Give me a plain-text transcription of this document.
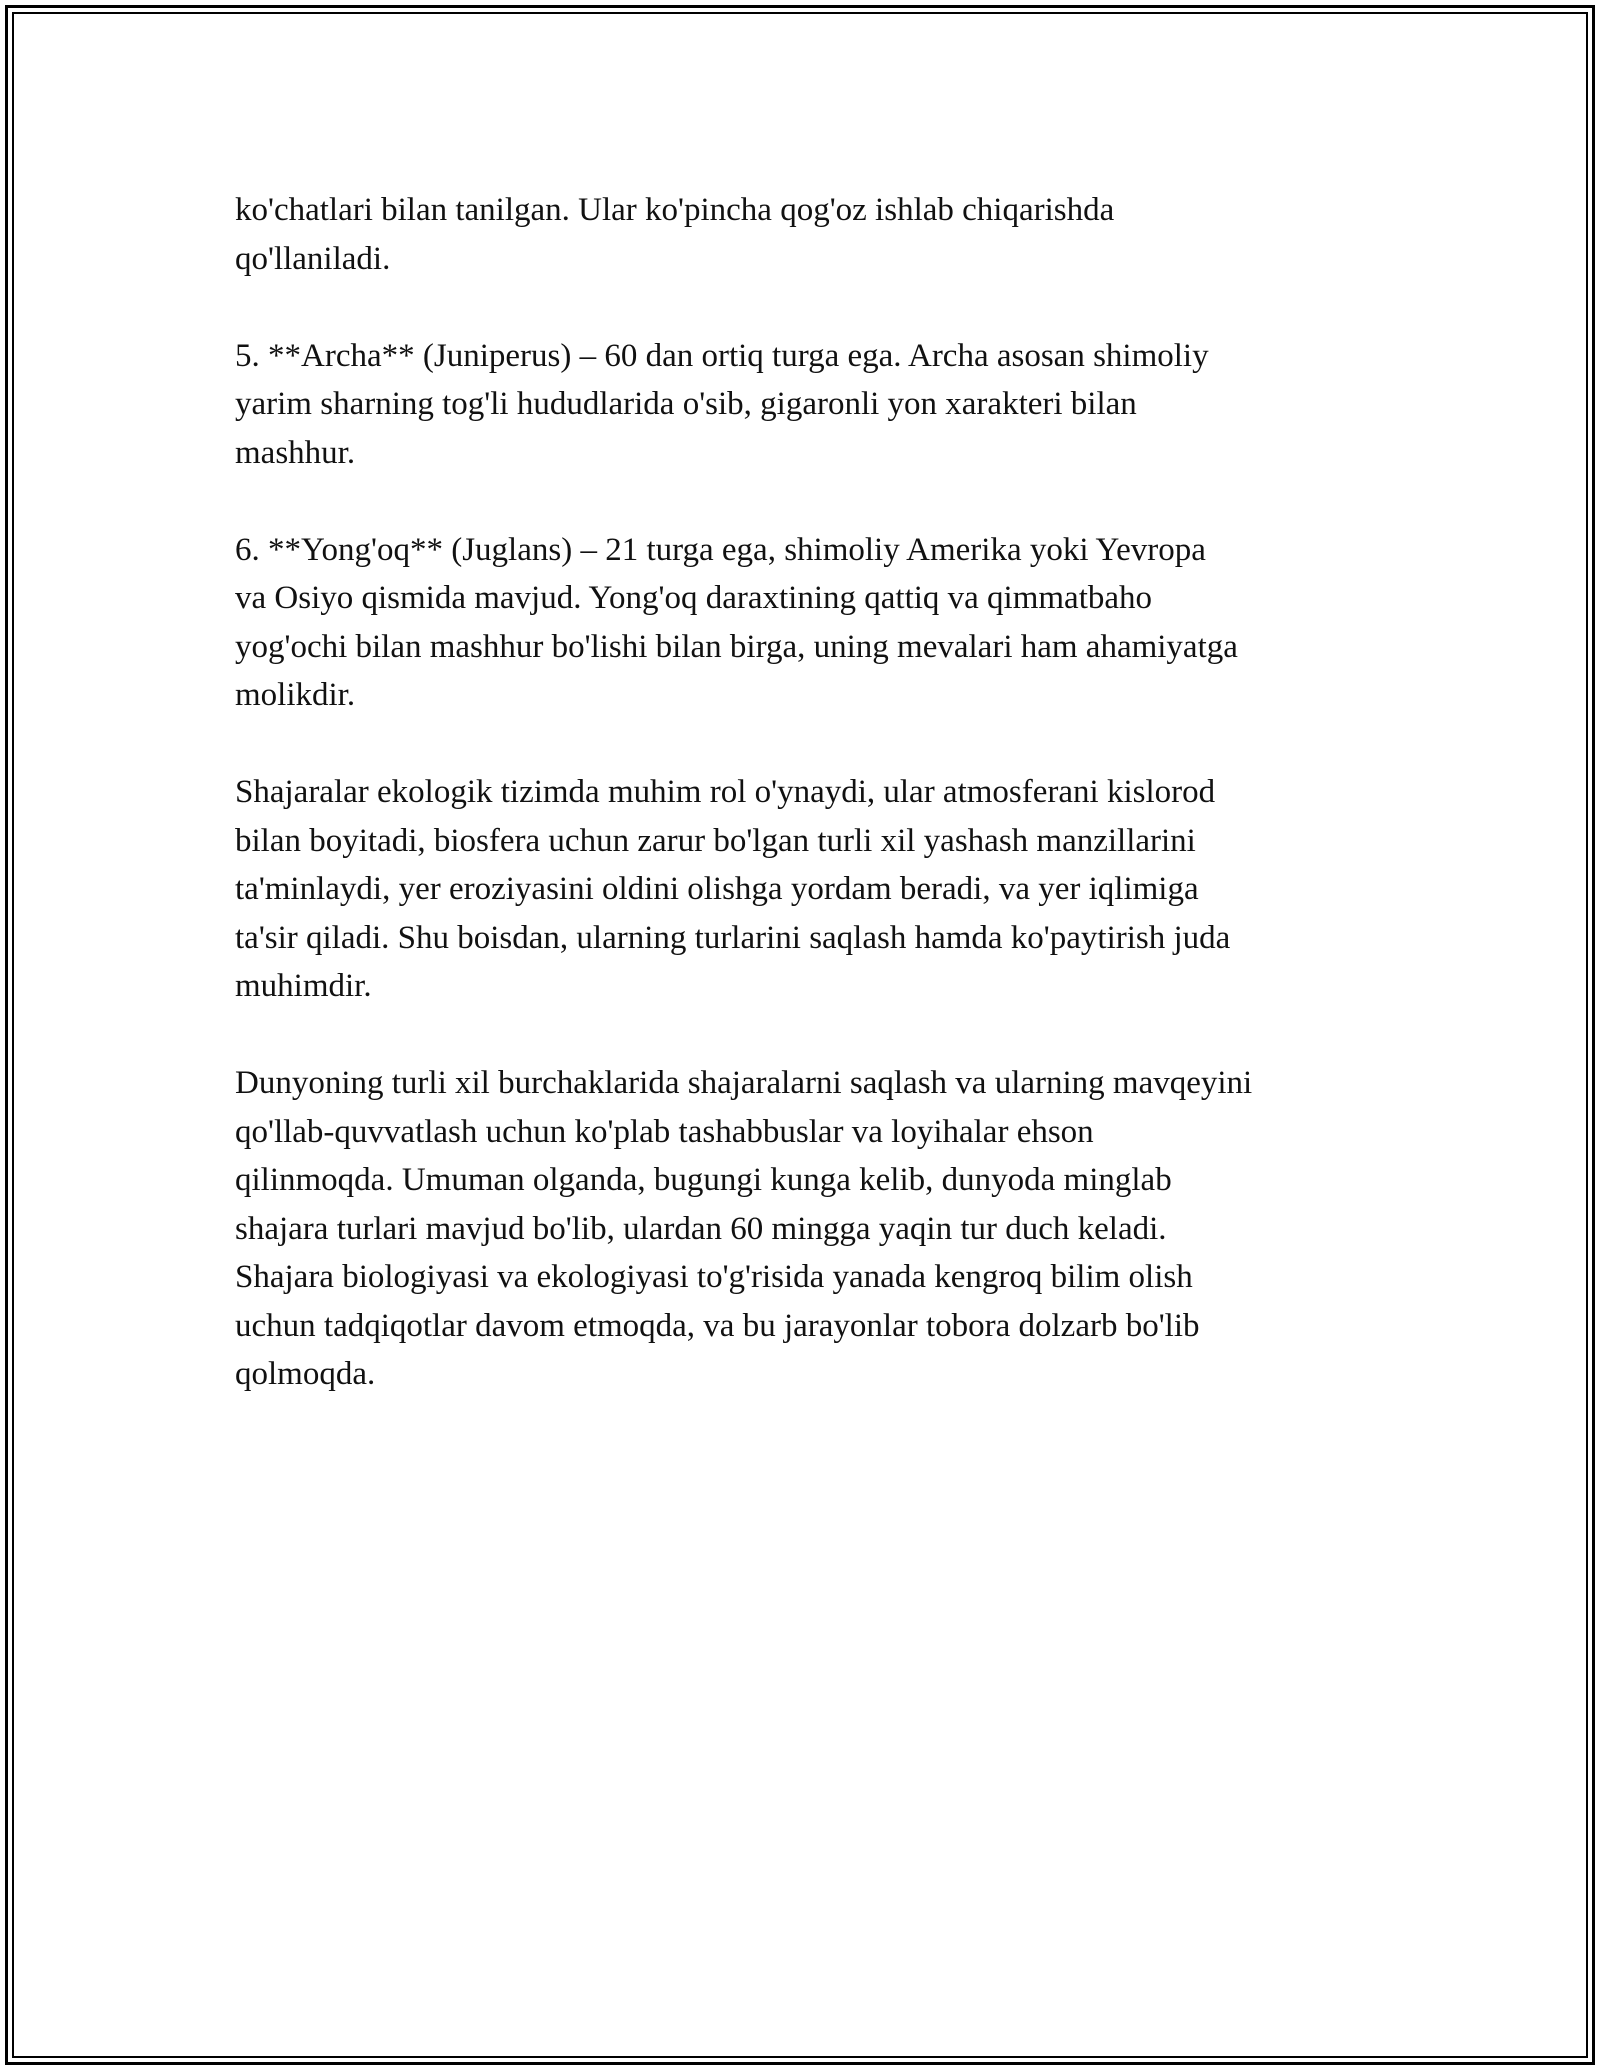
ko'chatlari bilan tanilgan. Ular ko'pincha qog'oz ishlab chiqarishda
qo'llaniladi.

5. **Archa** (Juniperus) – 60 dan ortiq turga ega. Archa asosan shimoliy
yarim sharning tog'li hududlarida o'sib, gigaronli yon xarakteri bilan
mashhur.

6. **Yong'oq** (Juglans) – 21 turga ega, shimoliy Amerika yoki Yevropa
va Osiyo qismida mavjud. Yong'oq daraxtining qattiq va qimmatbaho
yog'ochi bilan mashhur bo'lishi bilan birga, uning mevalari ham ahamiyatga
molikdir.

Shajaralar ekologik tizimda muhim rol o'ynaydi, ular atmosferani kislorod
bilan boyitadi, biosfera uchun zarur bo'lgan turli xil yashash manzillarini
ta'minlaydi, yer eroziyasini oldini olishga yordam beradi, va yer iqlimiga
ta'sir qiladi. Shu boisdan, ularning turlarini saqlash hamda ko'paytirish juda
muhimdir.

Dunyoning turli xil burchaklarida shajaralarni saqlash va ularning mavqeyini
qo'llab-quvvatlash uchun ko'plab tashabbuslar va loyihalar ehson
qilinmoqda. Umuman olganda, bugungi kunga kelib, dunyoda minglab
shajara turlari mavjud bo'lib, ulardan 60 mingga yaqin tur duch keladi.
Shajara biologiyasi va ekologiyasi to'g'risida yanada kengroq bilim olish
uchun tadqiqotlar davom etmoqda, va bu jarayonlar tobora dolzarb bo'lib
qolmoqda.
